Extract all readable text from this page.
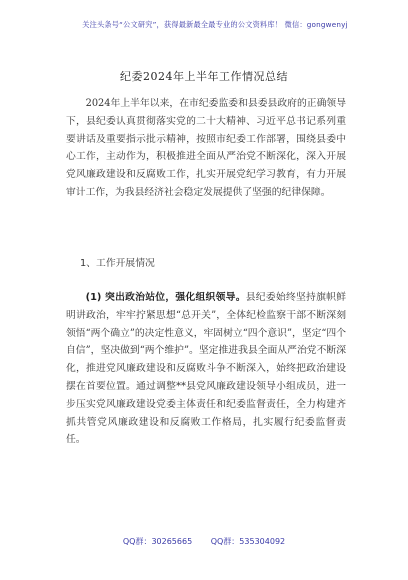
关注头条号“公文研究”，获得最新最全最专业的公文资料库！ 微信：gongwenyj
纪委2024年上半年工作情况总结
2024年上半年以来，在市纪委监委和县委县政府的正确领导下，县纪委认真贯彻落实党的二十大精神、习近平总书记系列重要讲话及重要指示批示精神，按照市纪委工作部署，围绕县委中心工作，主动作为，积极推进全面从严治党不断深化，深入开展党风廉政建设和反腐败工作，扎实开展党纪学习教育，有力开展审计工作，为我县经济社会稳定发展提供了坚强的纪律保障。
1、工作开展情况
(1) 突出政治站位，强化组织领导。县纪委始终坚持旗帜鲜明讲政治，牢牢拧紧思想“总开关”，全体纪检监察干部不断深刻领悟“两个确立”的决定性意义，牢固树立“四个意识”，坚定“四个自信”，坚决做到“两个维护”。坚定推进我县全面从严治党不断深化，推进党风廉政建设和反腐败斗争不断深入，始终把政治建设摆在首要位置。通过调整**县党风廉政建设领导小组成员，进一步压实党风廉政建设党委主体责任和纪委监督责任，全力构建齐抓共管党风廉政建设和反腐败工作格局，扎实履行纪委监督责任。
QQ群：30265665 QQ群：535304092
